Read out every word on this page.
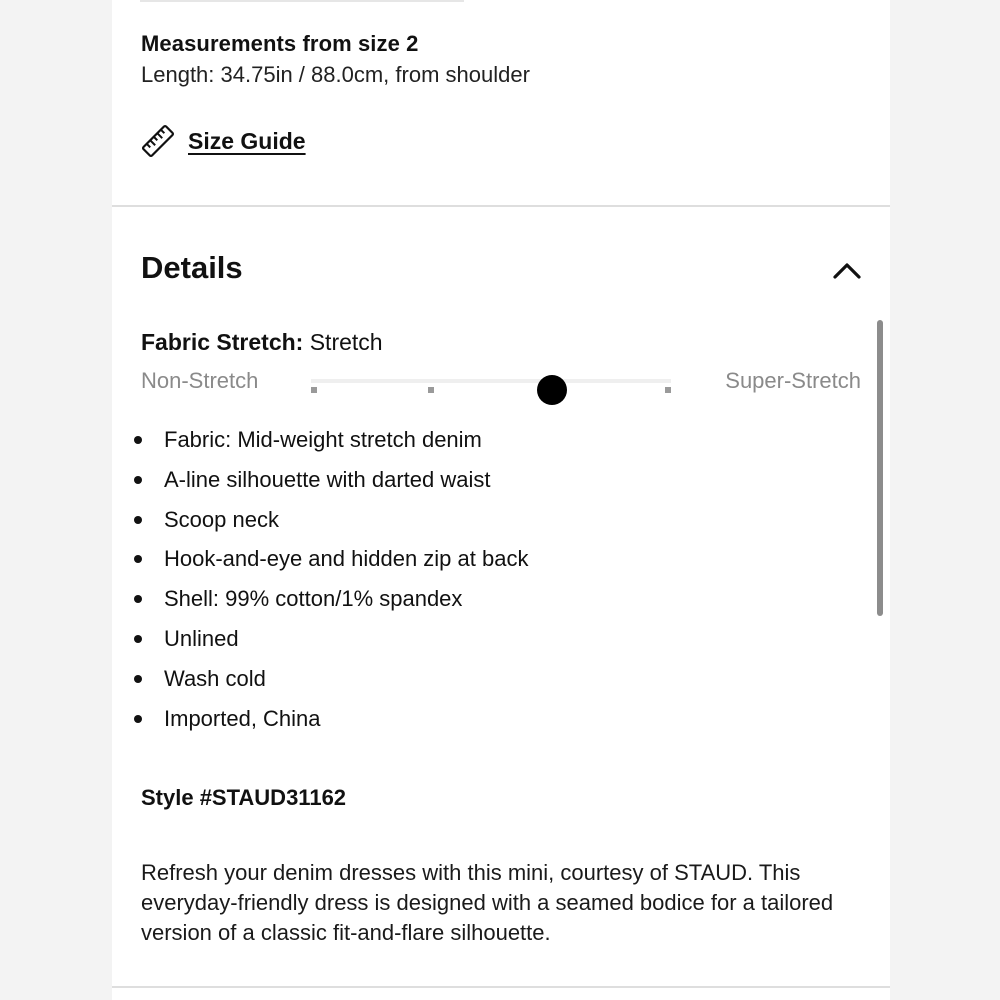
Measurements from size 2
Length: 34.75in / 88.0cm, from shoulder
Size Guide
Details
Fabric Stretch: Stretch
Non-Stretch	Super-Stretch
Fabric: Mid-weight stretch denim
A-line silhouette with darted waist
Scoop neck
Hook-and-eye and hidden zip at back
Shell: 99% cotton/1% spandex
Unlined
Wash cold
Imported, China
Style #STAUD31162
Refresh your denim dresses with this mini, courtesy of STAUD. This everyday-friendly dress is designed with a seamed bodice for a tailored version of a classic fit-and-flare silhouette.
